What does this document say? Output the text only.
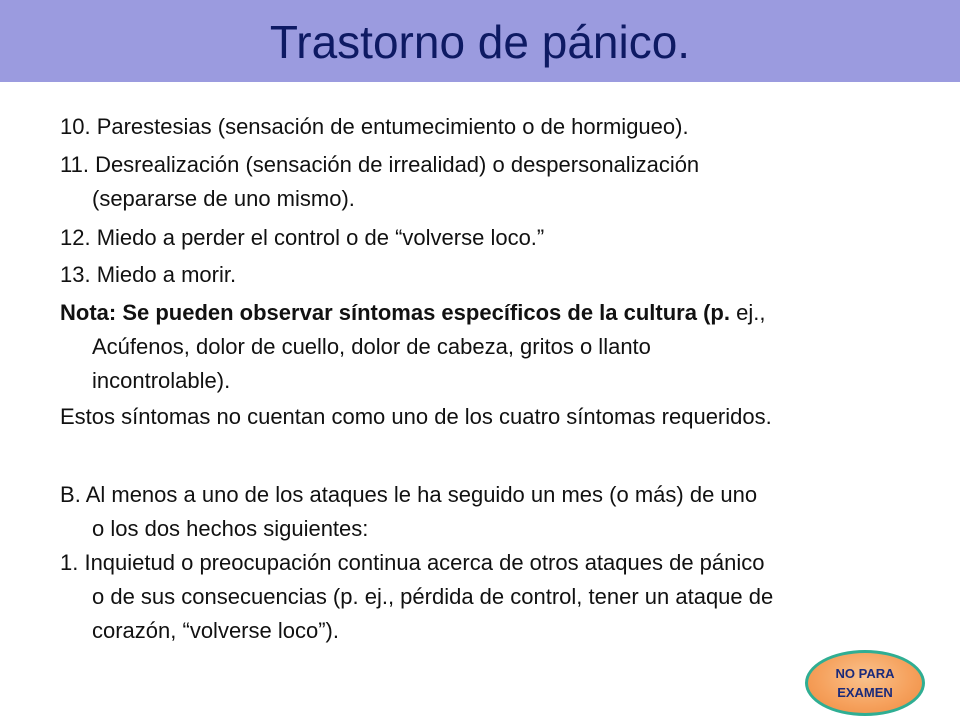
Trastorno de pánico.

10. Parestesias (sensación de entumecimiento o de hormigueo).

11. Desrealización (sensación de irrealidad) o despersonalización
(separarse de uno mismo).

12. Miedo a perder el control o de “volverse loco.”

13. Miedo a morir.

Nota: Se pueden observar síntomas específicos de la cultura (p. ej.,
Acúfenos, dolor de cuello, dolor de cabeza, gritos o llanto
incontrolable).

Estos síntomas no cuentan como uno de los cuatro síntomas requeridos.

B. Al menos a uno de los ataques le ha seguido un mes (o más) de uno
o los dos hechos siguientes:

1. Inquietud o preocupación continua acerca de otros ataques de pánico
o de sus consecuencias (p. ej., pérdida de control, tener un ataque de
corazón, “volverse loco”).

NO PARA
EXAMEN
